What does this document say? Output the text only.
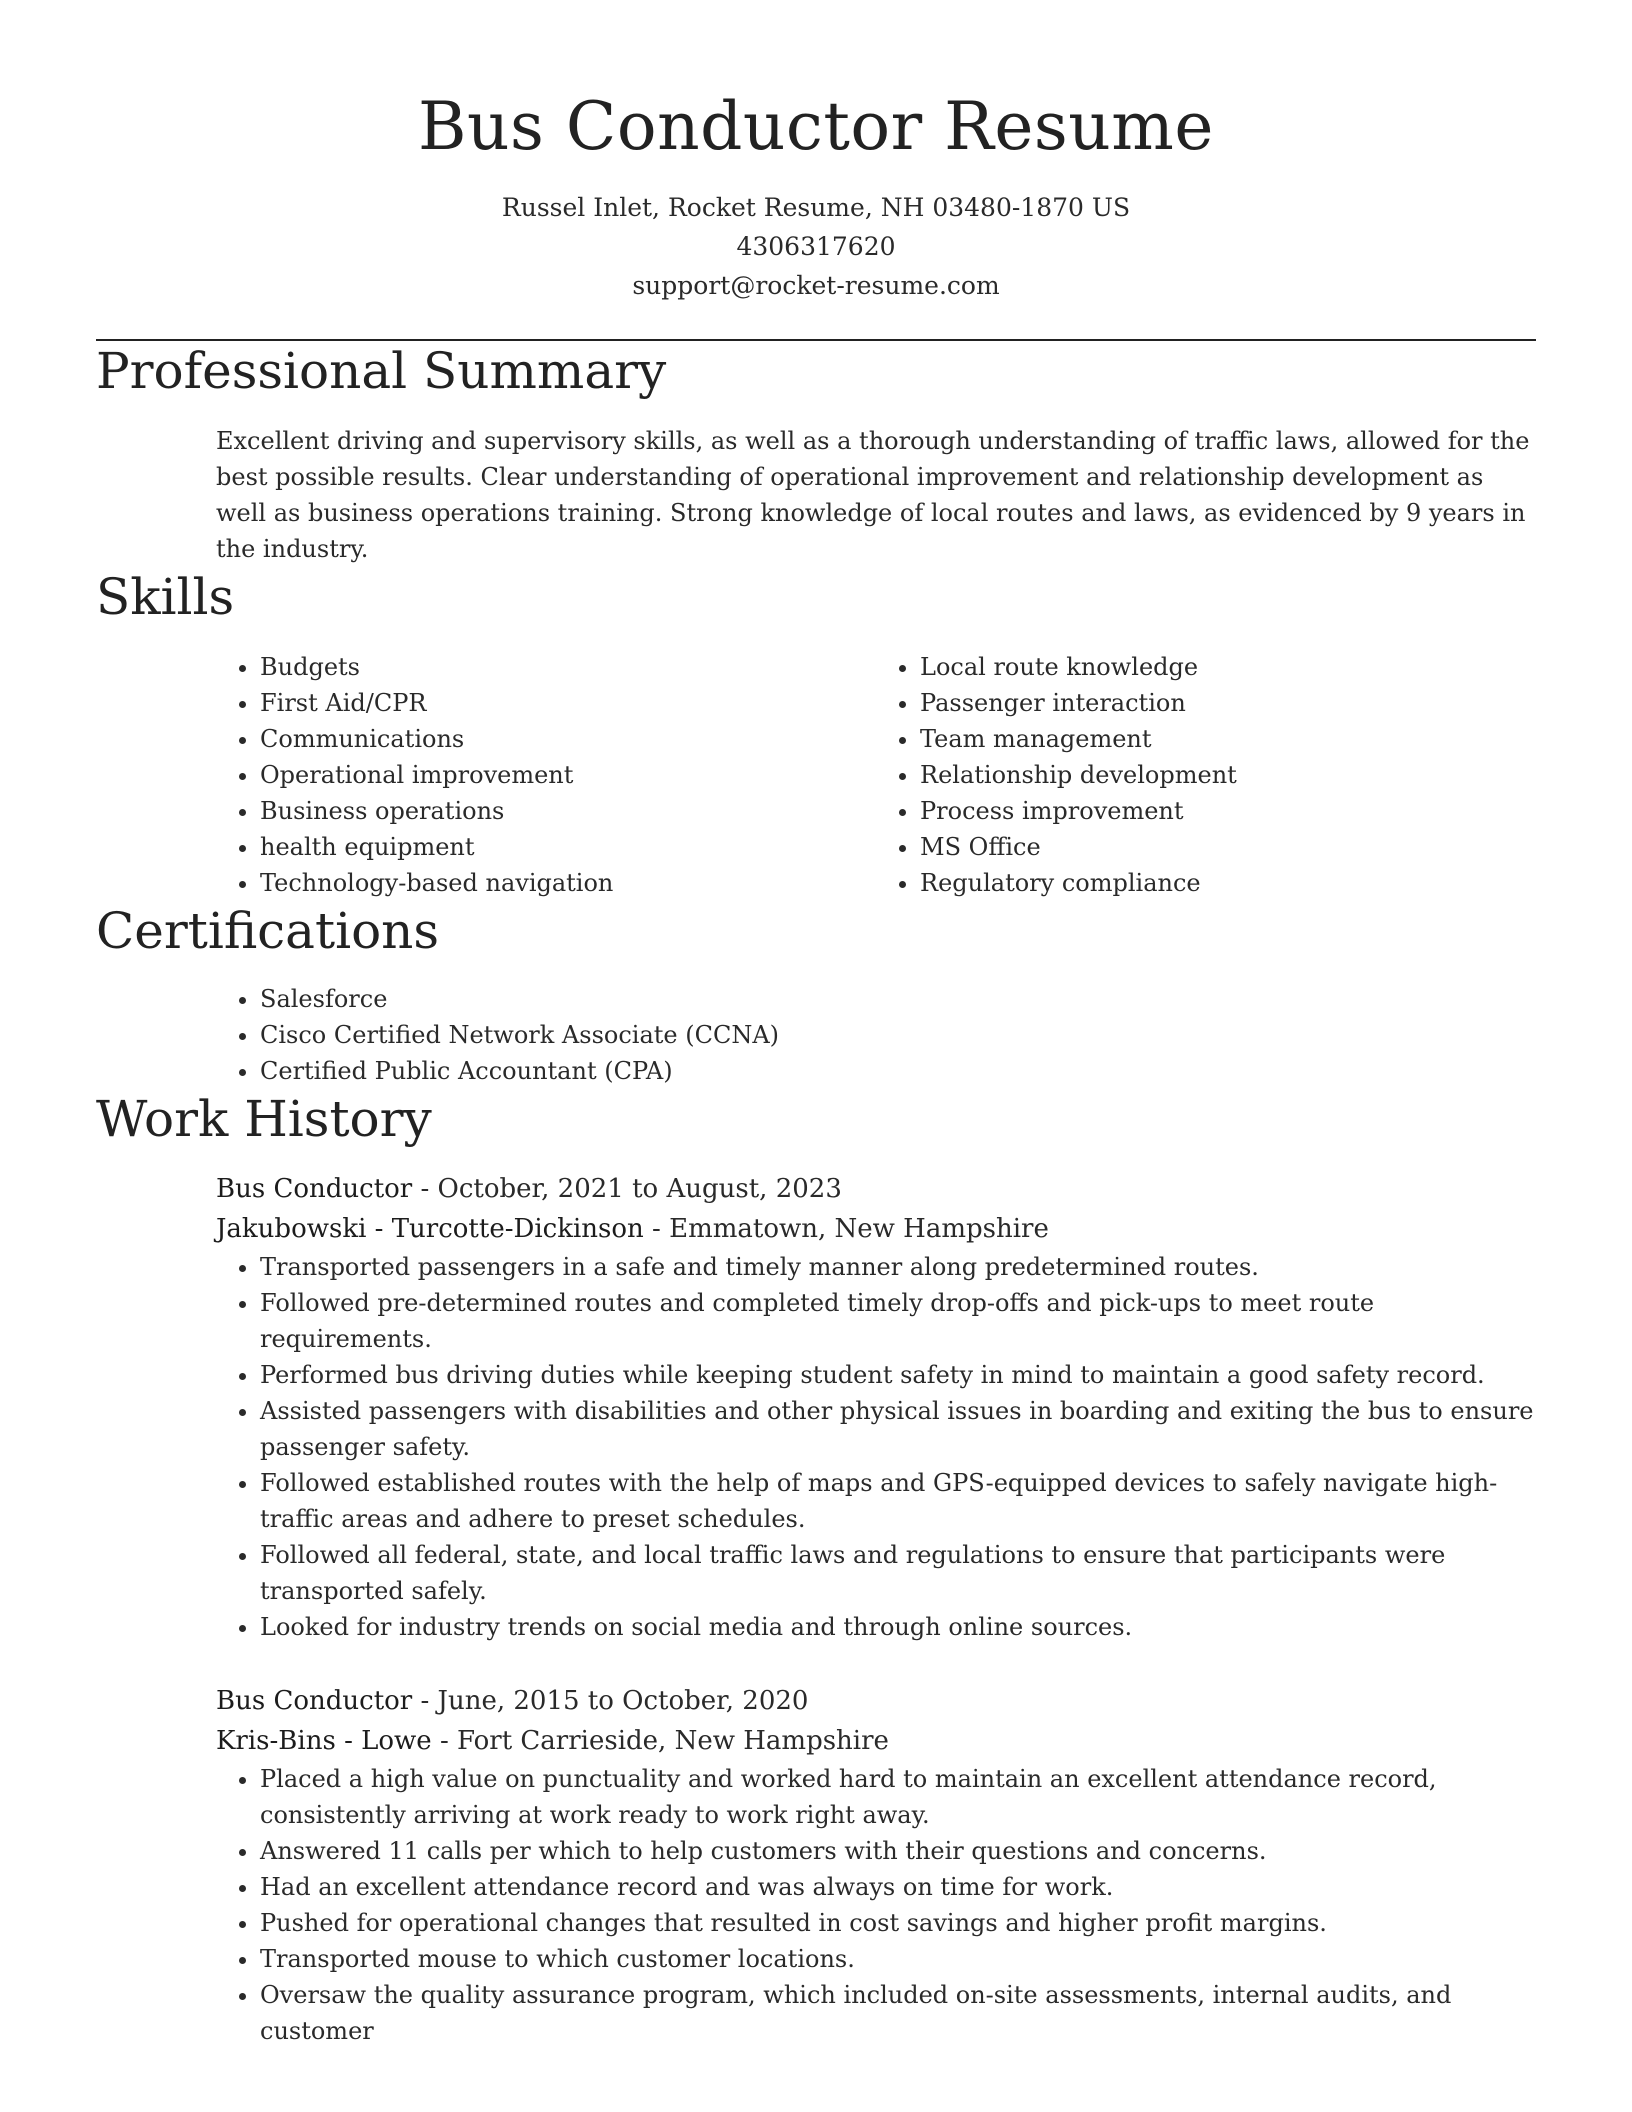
Bus Conductor Resume
Russel Inlet, Rocket Resume, NH 03480-1870 US
4306317620
support@rocket-resume.com
Professional Summary

Excellent driving and supervisory skills, as well as a thorough understanding of traffic laws, allowed for the best possible results. Clear understanding of operational improvement and relationship development as well as business operations training. Strong knowledge of local routes and laws, as evidenced by 9 years in the industry.

Skills
• Budgets
• First Aid/CPR
• Communications
• Operational improvement
• Business operations
• health equipment
• Technology-based navigation
• Local route knowledge
• Passenger interaction
• Team management
• Relationship development
• Process improvement
• MS Office
• Regulatory compliance
Certifications
• Salesforce
• Cisco Certified Network Associate (CCNA)
• Certified Public Accountant (CPA)
Work History
Bus Conductor - October, 2021 to August, 2023
Jakubowski - Turcotte-Dickinson - Emmatown, New Hampshire
• Transported passengers in a safe and timely manner along predetermined routes.
• Followed pre-determined routes and completed timely drop-offs and pick-ups to meet route requirements.
• Performed bus driving duties while keeping student safety in mind to maintain a good safety record.
• Assisted passengers with disabilities and other physical issues in boarding and exiting the bus to ensure passenger safety.
• Followed established routes with the help of maps and GPS-equipped devices to safely navigate high-traffic areas and adhere to preset schedules.
• Followed all federal, state, and local traffic laws and regulations to ensure that participants were transported safely.
• Looked for industry trends on social media and through online sources.
Bus Conductor - June, 2015 to October, 2020
Kris-Bins - Lowe - Fort Carrieside, New Hampshire
• Placed a high value on punctuality and worked hard to maintain an excellent attendance record, consistently arriving at work ready to work right away.
• Answered 11 calls per which to help customers with their questions and concerns.
• Had an excellent attendance record and was always on time for work.
• Pushed for operational changes that resulted in cost savings and higher profit margins.
• Transported mouse to which customer locations.
• Oversaw the quality assurance program, which included on-site assessments, internal audits, and customer
